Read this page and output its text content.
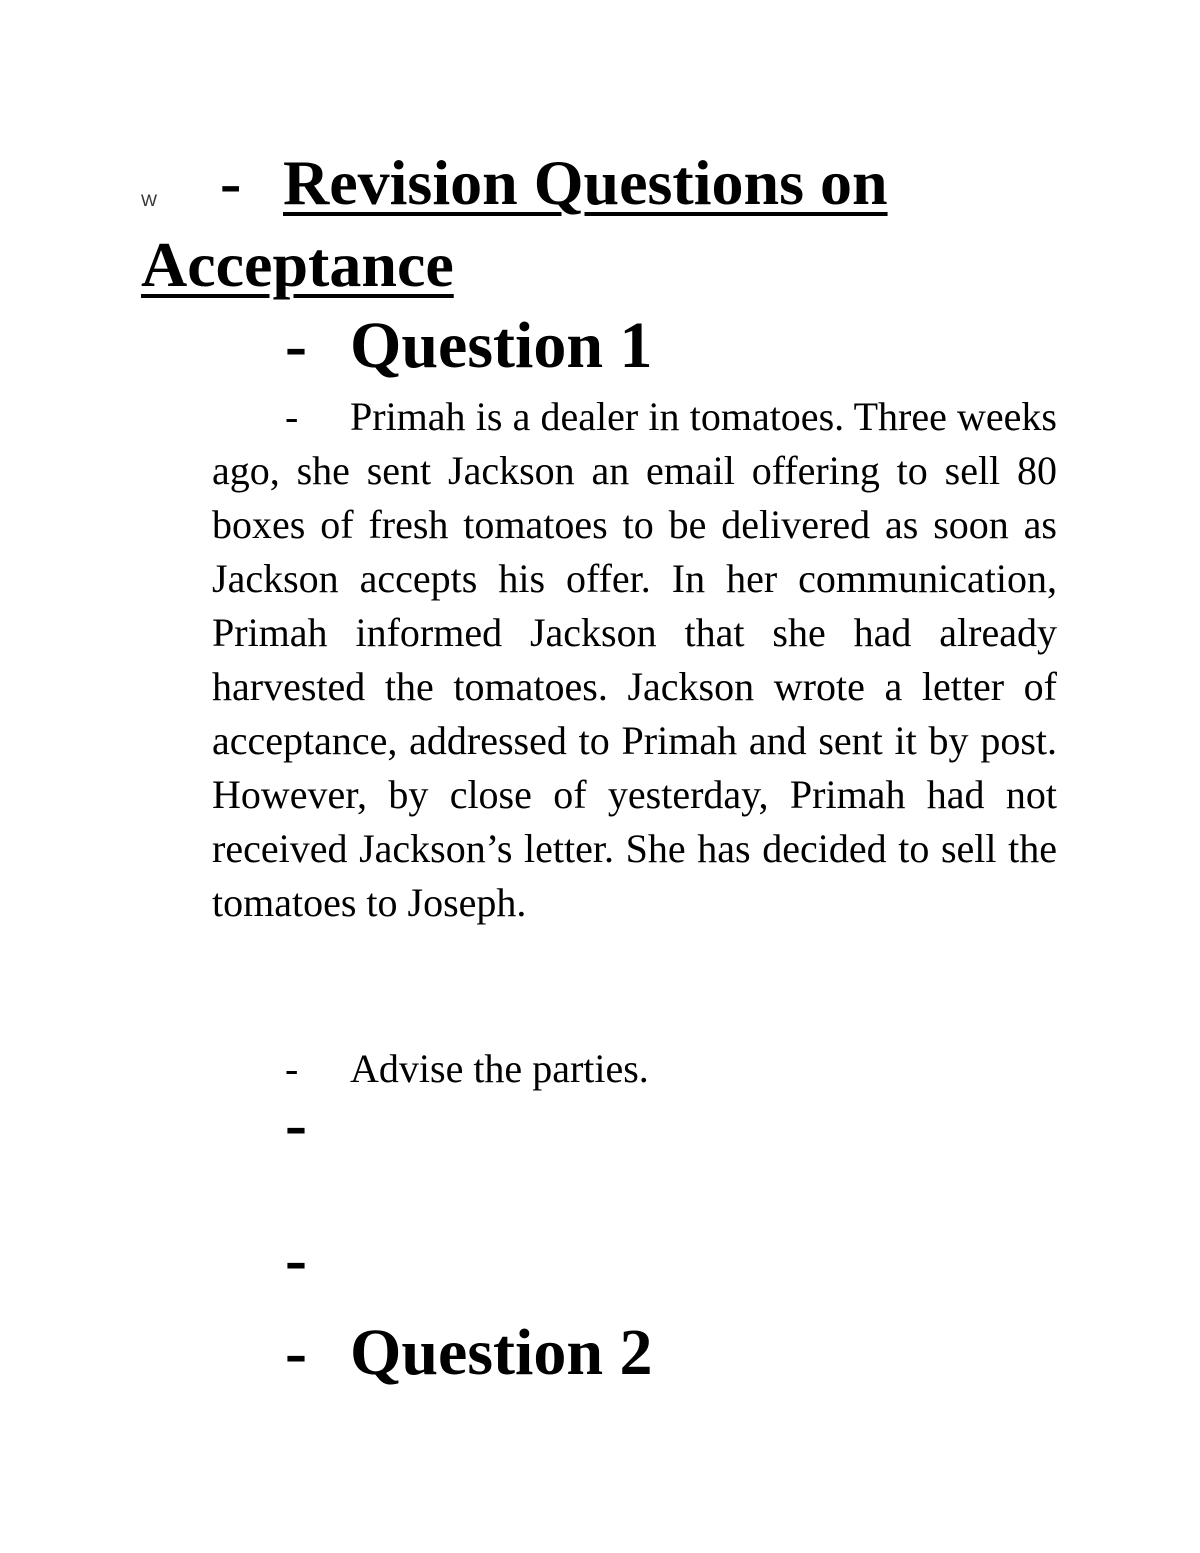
W - Revision Questions on
Acceptance
- Question 1
-	Primah is a dealer in tomatoes. Three weeks ago, she sent Jackson an email offering to sell 80 boxes of fresh tomatoes to be delivered as soon as Jackson accepts his offer. In her communication, Primah informed Jackson that she had already harvested the tomatoes. Jackson wrote a letter of acceptance, addressed to Primah and sent it by post. However, by close of yesterday, Primah had not received Jackson’s letter. She has decided to sell the tomatoes to Joseph.
- Advise the parties.
-
-
- Question 2
